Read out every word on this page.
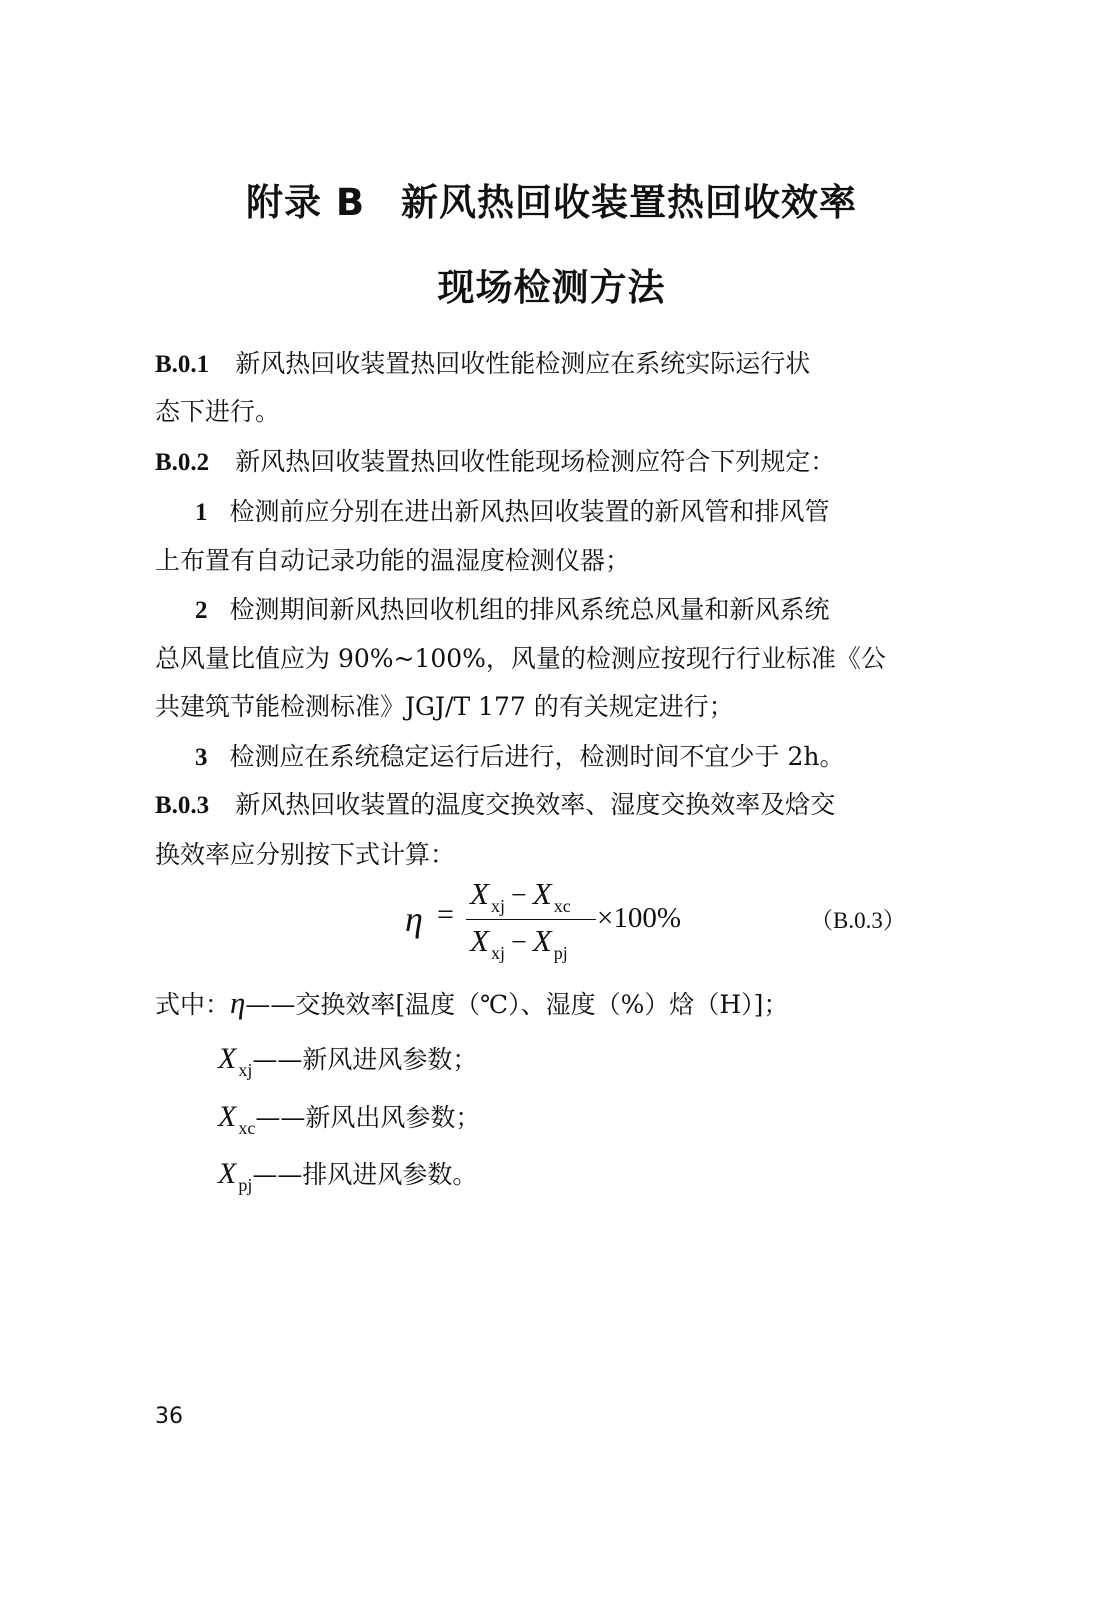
附录 B 新风热回收装置热回收效率
现场检测方法
B.0.1 新风热回收装置热回收性能检测应在系统实际运行状
态下进行。
B.0.2 新风热回收装置热回收性能现场检测应符合下列规定：
1 检测前应分别在进出新风热回收装置的新风管和排风管
上布置有自动记录功能的温湿度检测仪器；
2 检测期间新风热回收机组的排风系统总风量和新风系统
总风量比值应为 90%~100%，风量的检测应按现行行业标准《公
共建筑节能检测标准》JGJ/T 177 的有关规定进行；
3 检测应在系统稳定运行后进行，检测时间不宜少于 2h。
B.0.3 新风热回收装置的温度交换效率、湿度交换效率及焓交
换效率应分别按下式计算：
η =
Xxj − X xc
Xxj − X pj
×100%	（B.0.3）
式中：η——交换效率[温度（℃）、湿度（%）焓（H）]；
X $_{xj}$——新风进风参数；
X $_{xc}$——新风出风参数；
X $_{pj}$——排风进风参数。
36
